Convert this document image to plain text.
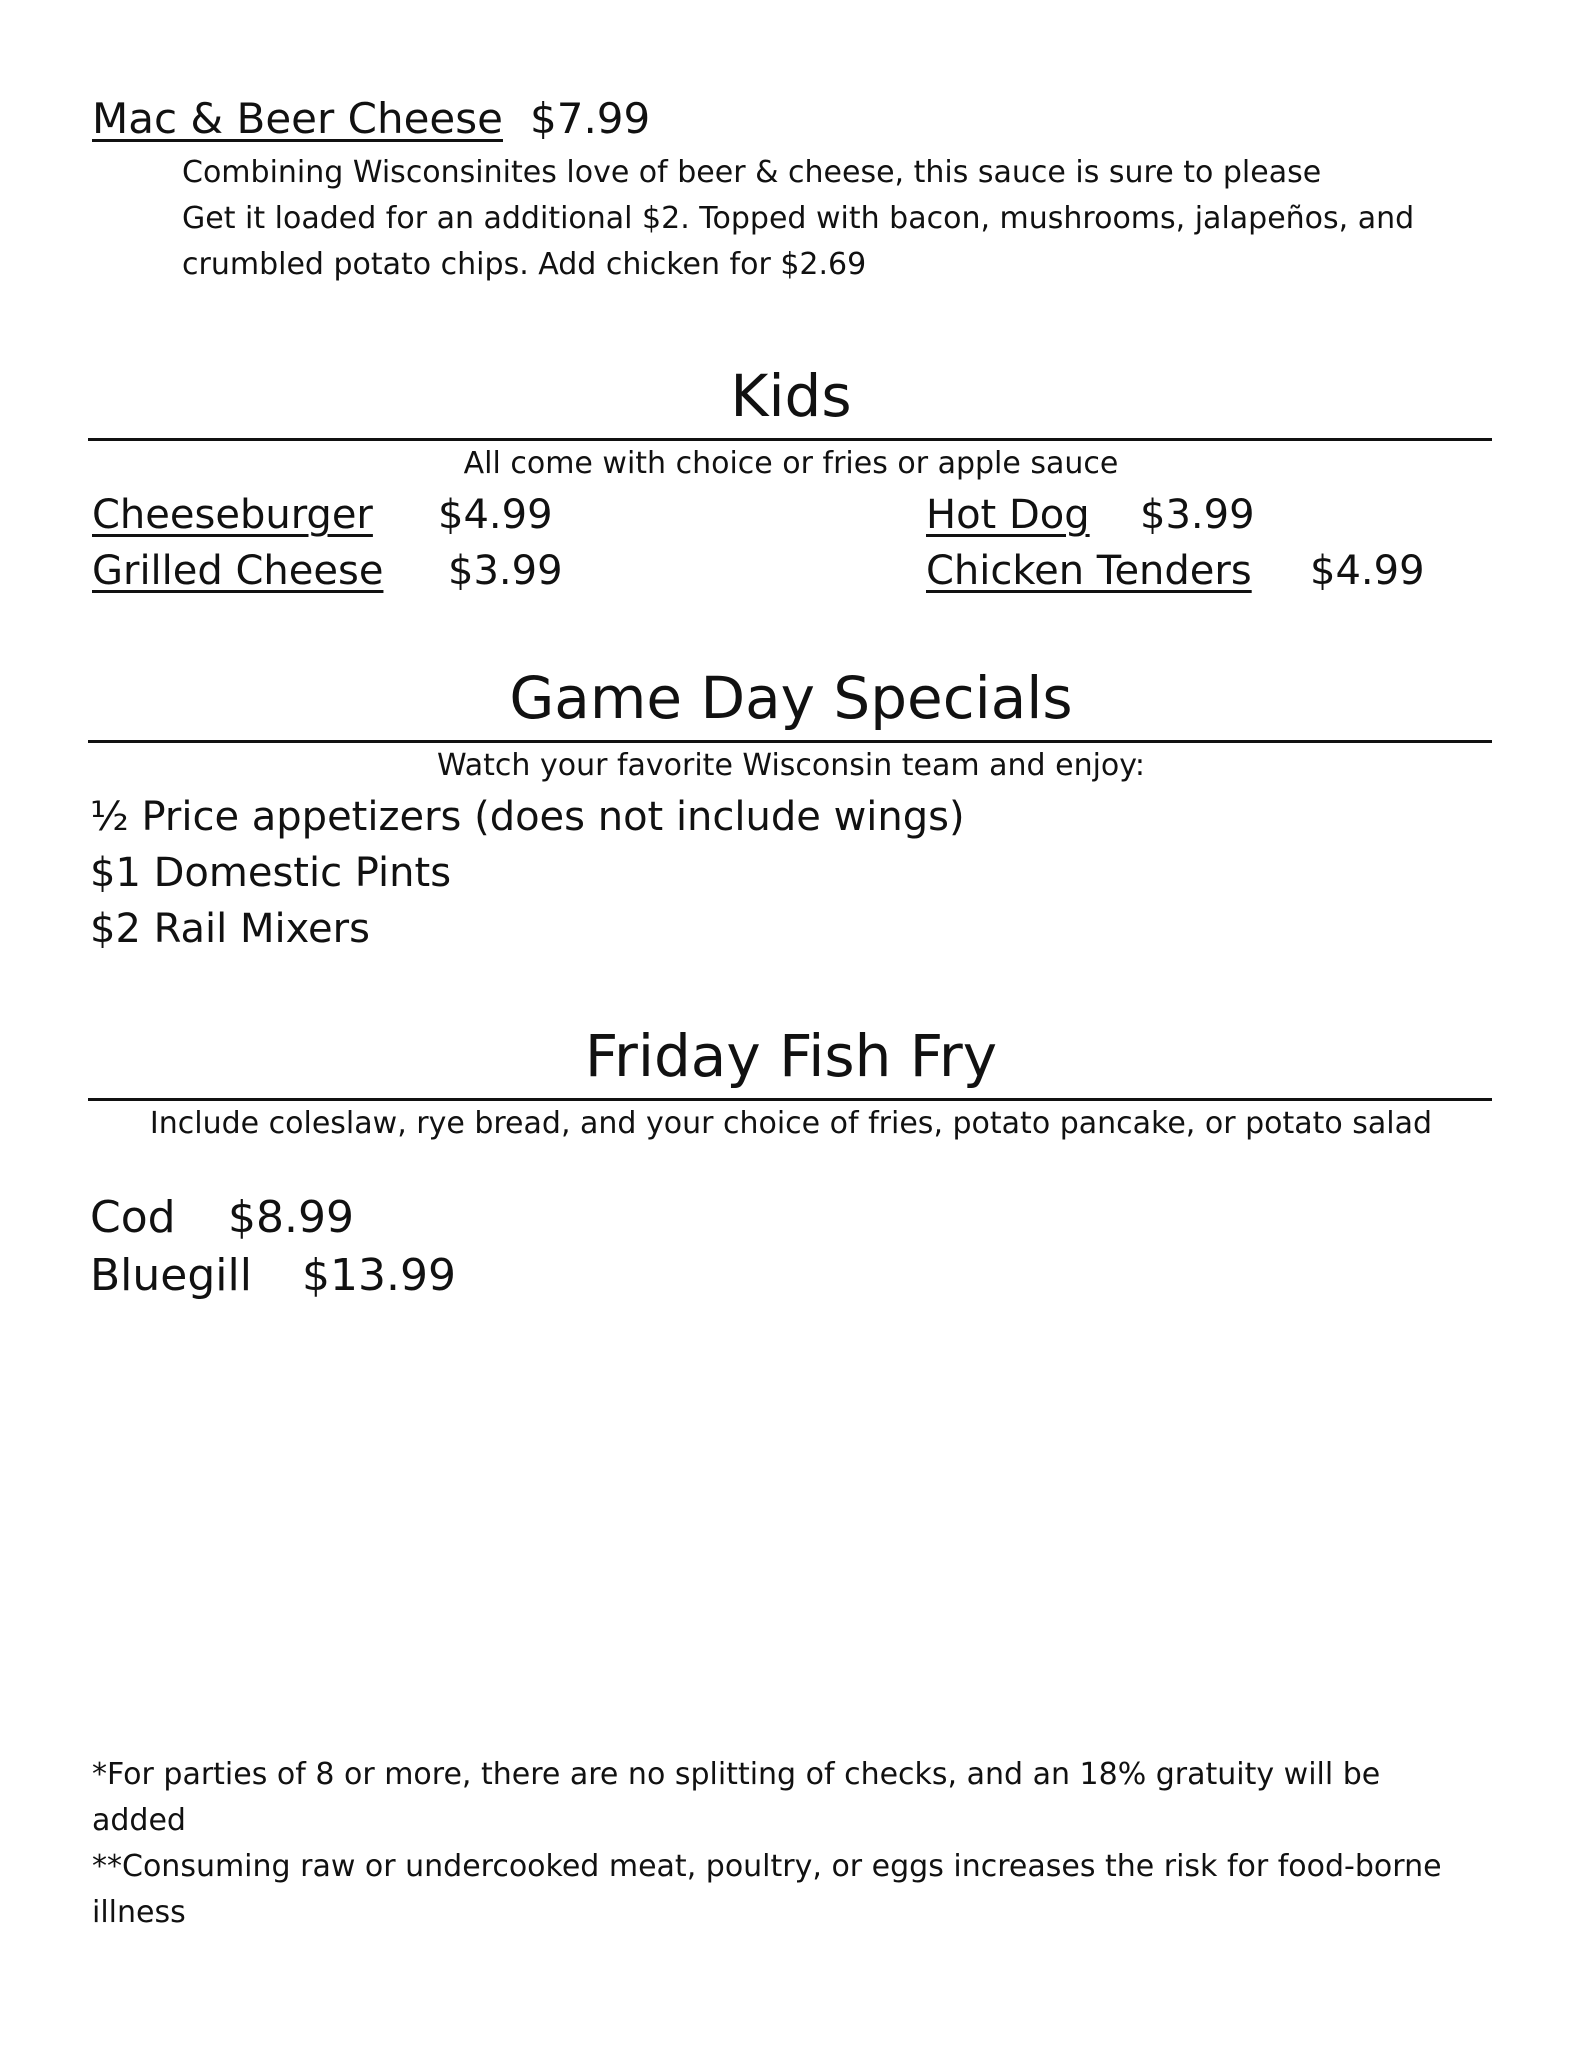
Mac & Beer Cheese $7.99
Combining Wisconsinites love of beer & cheese, this sauce is sure to please
Get it loaded for an additional $2. Topped with bacon, mushrooms, jalapeños, and
crumbled potato chips. Add chicken for $2.69
Kids
All come with choice or fries or apple sauce
Cheeseburger $4.99
Grilled Cheese $3.99
Hot Dog $3.99
Chicken Tenders $4.99
Game Day Specials
Watch your favorite Wisconsin team and enjoy:
½ Price appetizers (does not include wings)
$1 Domestic Pints
$2 Rail Mixers
Friday Fish Fry
Include coleslaw, rye bread, and your choice of fries, potato pancake, or potato salad
Cod $8.99
Bluegill $13.99
*For parties of 8 or more, there are no splitting of checks, and an 18% gratuity will be added
**Consuming raw or undercooked meat, poultry, or eggs increases the risk for food-borne illness
